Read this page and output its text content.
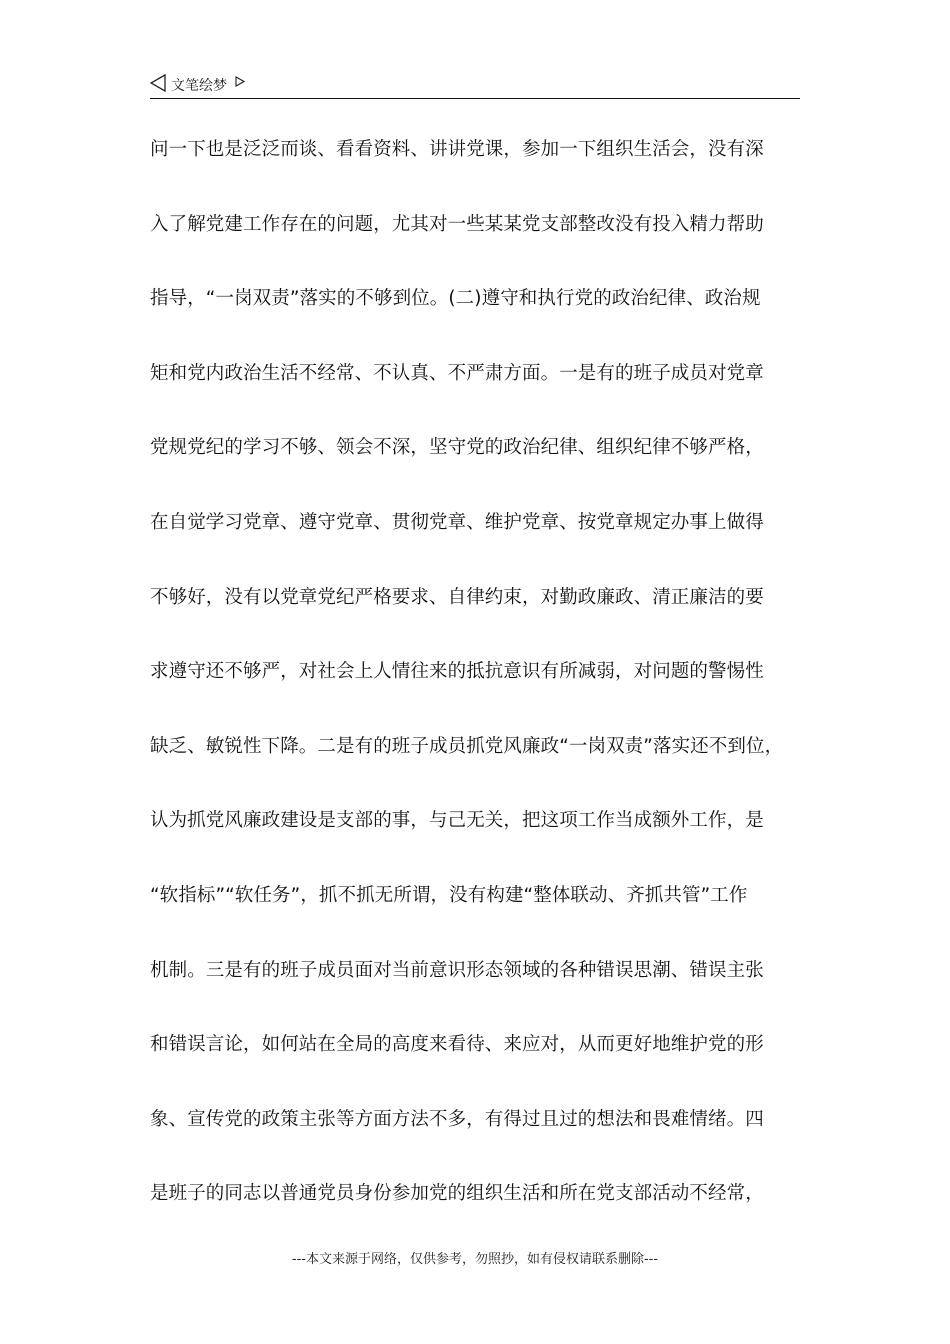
文笔绘梦
问一下也是泛泛而谈、看看资料、讲讲党课，参加一下组织生活会，没有深
入了解党建工作存在的问题，尤其对一些某某党支部整改没有投入精力帮助
指导，“一岗双责”落实的不够到位。(二)遵守和执行党的政治纪律、政治规
矩和党内政治生活不经常、不认真、不严肃方面。一是有的班子成员对党章
党规党纪的学习不够、领会不深，坚守党的政治纪律、组织纪律不够严格，
在自觉学习党章、遵守党章、贯彻党章、维护党章、按党章规定办事上做得
不够好，没有以党章党纪严格要求、自律约束，对勤政廉政、清正廉洁的要
求遵守还不够严，对社会上人情往来的抵抗意识有所减弱，对问题的警惕性
缺乏、敏锐性下降。二是有的班子成员抓党风廉政“一岗双责”落实还不到位，
认为抓党风廉政建设是支部的事，与己无关，把这项工作当成额外工作，是
“软指标”“软任务”，抓不抓无所谓，没有构建“整体联动、齐抓共管”工作
机制。三是有的班子成员面对当前意识形态领域的各种错误思潮、错误主张
和错误言论，如何站在全局的高度来看待、来应对，从而更好地维护党的形
象、宣传党的政策主张等方面方法不多，有得过且过的想法和畏难情绪。四
是班子的同志以普通党员身份参加党的组织生活和所在党支部活动不经常，
---本文来源于网络，仅供参考，勿照抄，如有侵权请联系删除---
